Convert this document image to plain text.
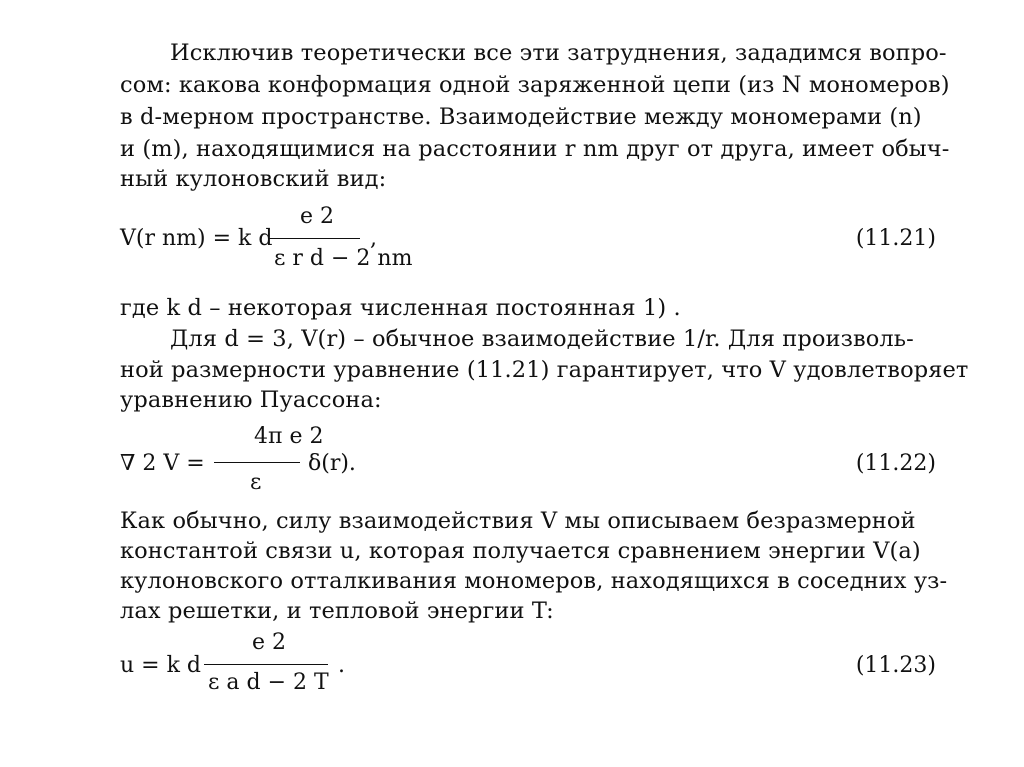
Исключив теоретически все эти затруднения, зададимся вопро-
сом: какова конформация одной заряженной цепи (из N мономеров)
в d-мерном пространстве. Взаимодействие между мономерами (n)
и (m), находящимися на расстоянии r nm друг от друга, имеет обыч-
ный кулоновский вид:
V(r nm) = k d
e 2
ε r d − 2 nm
,	(11.21)
где k d – некоторая численная постоянная 1) .
Для d = 3, V(r) – обычное взаимодействие 1/r. Для произволь-
ной размерности уравнение (11.21) гарантирует, что V удовлетворяет
уравнению Пуассона:
∇ 2 V =
4π e 2
ε
δ(r).	(11.22)
Как обычно, силу взаимодействия V мы описываем безразмерной
константой связи u, которая получается сравнением энергии V(a)
кулоновского отталкивания мономеров, находящихся в соседних уз-
лах решетки, и тепловой энергии T:
u = k d
e 2
ε a d − 2 T
.	(11.23)
